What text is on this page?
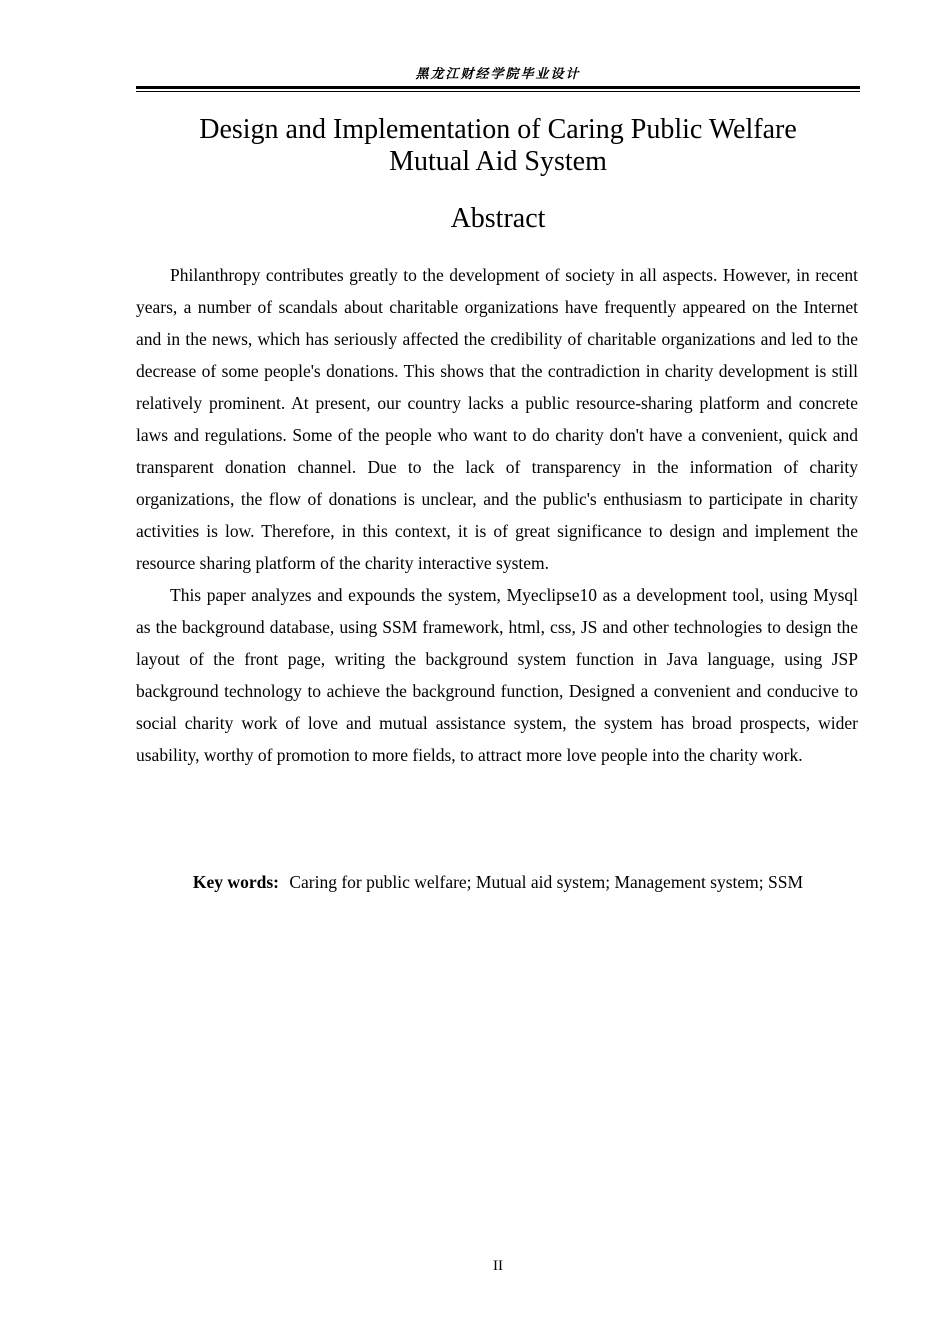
黑龙江财经学院毕业设计
Design and Implementation of Caring Public Welfare
Mutual Aid System
Abstract

Philanthropy contributes greatly to the development of society in all aspects. However, in recent years, a number of scandals about charitable organizations have frequently appeared on the Internet and in the news, which has seriously affected the credibility of charitable organizations and led to the decrease of some people's donations. This shows that the contradiction in charity development is still relatively prominent. At present, our country lacks a public resource-sharing platform and concrete laws and regulations. Some of the people who want to do charity don't have a convenient, quick and transparent donation channel. Due to the lack of transparency in the information of charity organizations, the flow of donations is unclear, and the public's enthusiasm to participate in charity activities is low. Therefore, in this context, it is of great significance to design and implement the resource sharing platform of the charity interactive system.

This paper analyzes and expounds the system, Myeclipse10 as a development tool, using Mysql as the background database, using SSM framework, html, css, JS and other technologies to design the layout of the front page, writing the background system function in Java language, using JSP background technology to achieve the background function, Designed a convenient and conducive to social charity work of love and mutual assistance system, the system has broad prospects, wider usability, worthy of promotion to more fields, to attract more love people into the charity work.

Key words: Caring for public welfare; Mutual aid system; Management system; SSM
II
